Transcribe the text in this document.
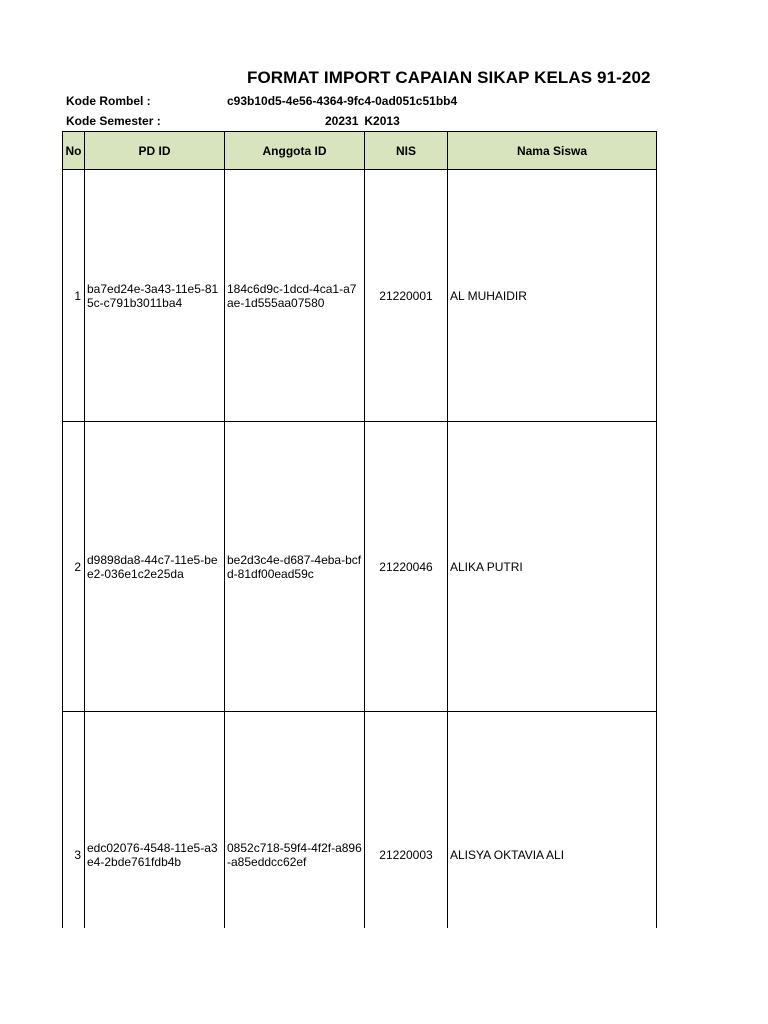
FORMAT IMPORT CAPAIAN SIKAP KELAS 91-202
Kode Rombel :	c93b10d5-4e56-4364-9fc4-0ad051c51bb4
Kode Semester :	20231 K2013
No	PD ID	Anggota ID	NIS	Nama Siswa
1	ba7ed24e-3a43-11e5-815c-c791b3011ba4	184c6d9c-1dcd-4ca1-a7ae-1d555aa07580	21220001	AL MUHAIDIR
2	d9898da8-44c7-11e5-bee2-036e1c2e25da	be2d3c4e-d687-4eba-bcfd-81df00ead59c	21220046	ALIKA PUTRI
3	edc02076-4548-11e5-a3e4-2bde761fdb4b	0852c718-59f4-4f2f-a896-a85eddcc62ef	21220003	ALISYA OKTAVIA ALI
